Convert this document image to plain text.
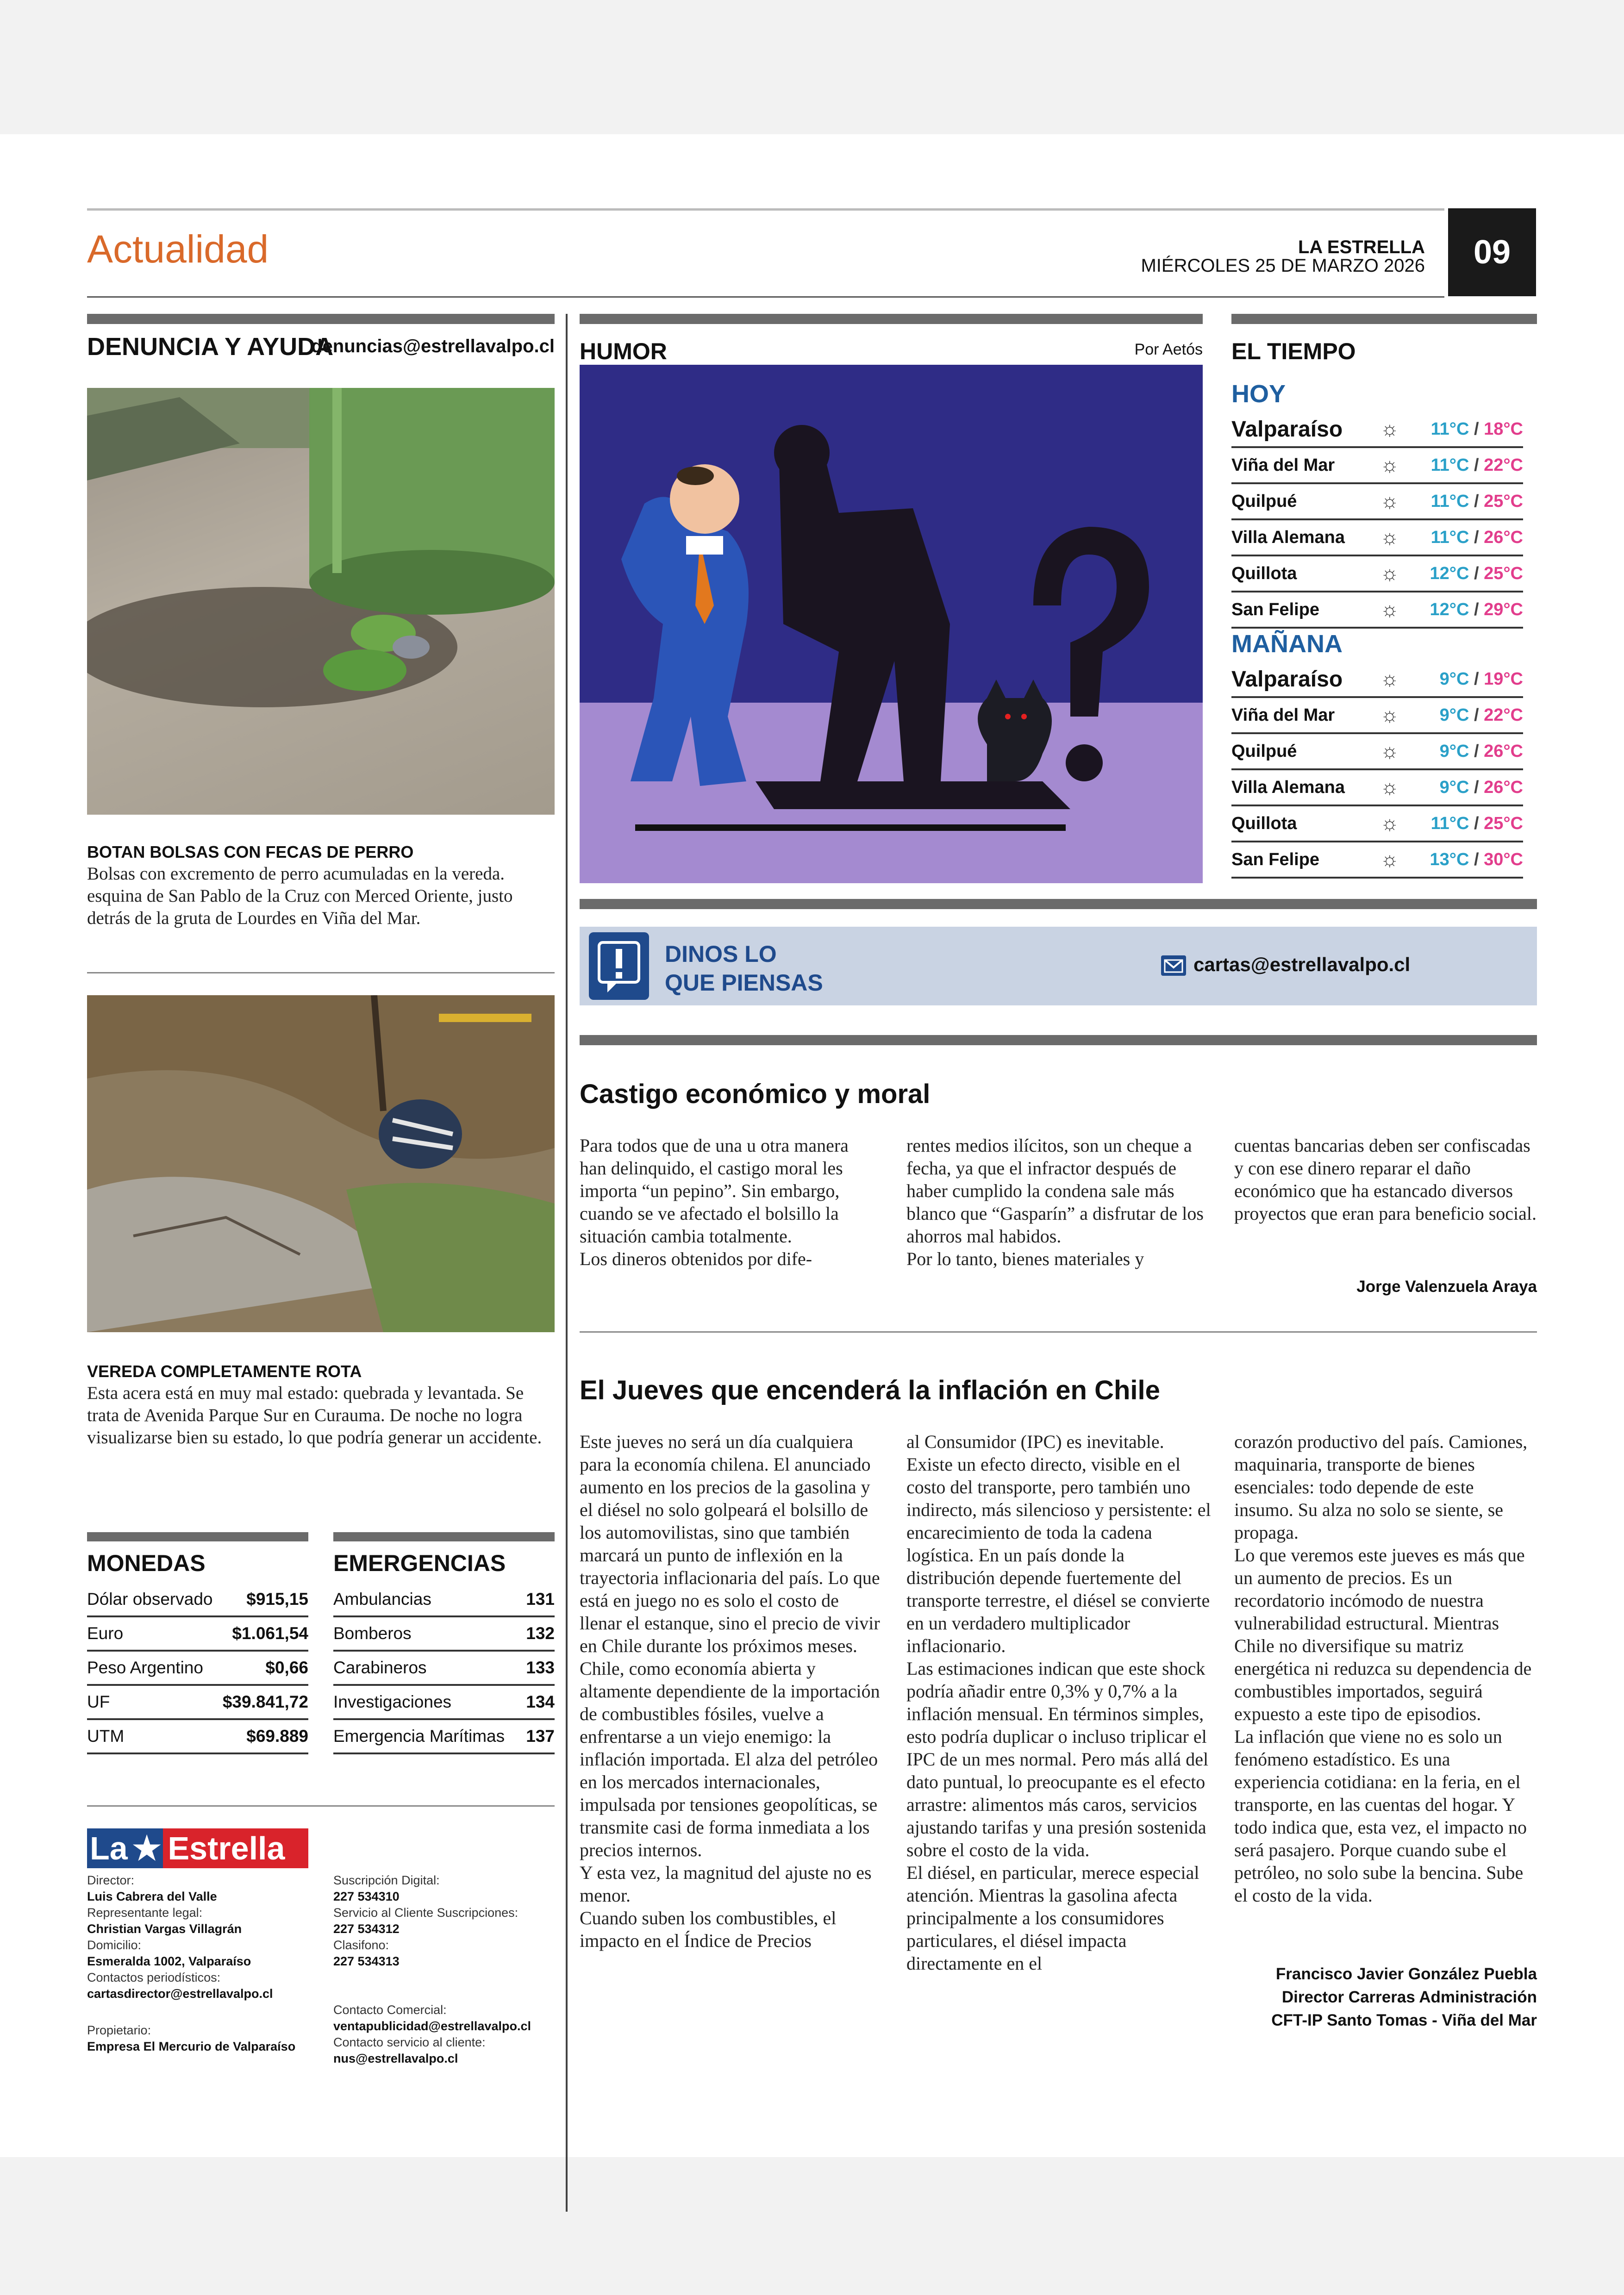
Actualidad	LA ESTRELLA
MIÉRCOLES 25 DE MARZO 2026	09
DENUNCIA Y AYUDA
denuncias@estrellavalpo.cl
BOTAN BOLSAS CON FECAS DE PERRO
Bolsas con excremento de perro acumuladas en la vereda. esquina de San Pablo de la Cruz con Merced Oriente, justo detrás de la gruta de Lourdes en Viña del Mar.
VEREDA COMPLETAMENTE ROTA
Esta acera está en muy mal estado: quebrada y levantada. Se trata de Avenida Parque Sur en Curauma. De noche no logra visualizarse bien su estado, lo que podría generar un accidente.
MONEDAS
Dólar observado	$915,15
Euro	$1.061,54
Peso Argentino	$0,66
UF	$39.841,72
UTM	$69.889
EMERGENCIAS
Ambulancias	131
Bomberos	132
Carabineros	133
Investigaciones	134
Emergencia Marítimas	137
La ★ Estrella
Director:
Luis Cabrera del Valle
Representante legal:
Christian Vargas Villagrán
Domicilio:
Esmeralda 1002, Valparaíso
Contactos periodísticos:
cartasdirector@estrellavalpo.cl
Propietario:
Empresa El Mercurio de Valparaíso
Suscripción Digital:
227 534310
Servicio al Cliente Suscripciones:
227 534312
Clasifono:
227 534313
Contacto Comercial:
ventapublicidad@estrellavalpo.cl
Contacto servicio al cliente:
nus@estrellavalpo.cl
HUMOR	Por Aetós EL TIEMPO
HOY
Valparaíso	☼	11°C / 18°C
Viña del Mar	☼	11°C / 22°C
Quilpué	☼	11°C / 25°C
Villa Alemana	☼	11°C / 26°C
Quillota	☼	12°C / 25°C
San Felipe	☼	12°C / 29°C
MAÑANA
Valparaíso	☼	9°C / 19°C
Viña del Mar	☼	9°C / 22°C
Quilpué	☼	9°C / 26°C
Villa Alemana	☼	9°C / 26°C
Quillota	☼	11°C / 25°C
San Felipe	☼	13°C / 30°C
DINOS LO
QUE PIENSAS
cartas@estrellavalpo.cl
Castigo económico y moral
Para todos que de una u otra manera han delinquido, el castigo moral les importa “un pepino”. Sin embargo, cuando se ve afectado el bolsillo la situación cambia totalmente.
Los dineros obtenidos por dife-
rentes medios ilícitos, son un cheque a fecha, ya que el infractor después de haber cumplido la condena sale más blanco que “Gasparín” a disfrutar de los ahorros mal habidos.
Por lo tanto, bienes materiales y
cuentas bancarias deben ser confiscadas y con ese dinero reparar el daño económico que ha estancado diversos proyectos que eran para beneficio social.
Jorge Valenzuela Araya
El Jueves que encenderá la inflación en Chile
Este jueves no será un día cualquiera para la economía chilena. El anunciado aumento en los precios de la gasolina y el diésel no solo golpeará el bolsillo de los automovilistas, sino que también marcará un punto de inflexión en la trayectoria inflacionaria del país. Lo que está en juego no es solo el costo de llenar el estanque, sino el precio de vivir en Chile durante los próximos meses.
Chile, como economía abierta y altamente dependiente de la importación de combustibles fósiles, vuelve a enfrentarse a un viejo enemigo: la inflación importada. El alza del petróleo en los mercados internacionales, impulsada por tensiones geopolíticas, se transmite casi de forma inmediata a los precios internos.
Y esta vez, la magnitud del ajuste no es menor.
Cuando suben los combustibles, el impacto en el Índice de Precios
al Consumidor (IPC) es inevitable. Existe un efecto directo, visible en el costo del transporte, pero también uno indirecto, más silencioso y persistente: el encarecimiento de toda la cadena logística. En un país donde la distribución depende fuertemente del transporte terrestre, el diésel se convierte en un verdadero multiplicador inflacionario.
Las estimaciones indican que este shock podría añadir entre 0,3% y 0,7% a la inflación mensual. En términos simples, esto podría duplicar o incluso triplicar el IPC de un mes normal. Pero más allá del dato puntual, lo preocupante es el efecto arrastre: alimentos más caros, servicios ajustando tarifas y una presión sostenida sobre el costo de la vida.
El diésel, en particular, merece especial atención. Mientras la gasolina afecta principalmente a los consumidores particulares, el diésel impacta directamente en el
corazón productivo del país. Camiones, maquinaria, transporte de bienes esenciales: todo depende de este insumo. Su alza no solo se siente, se propaga.
Lo que veremos este jueves es más que un aumento de precios. Es un recordatorio incómodo de nuestra vulnerabilidad estructural. Mientras Chile no diversifique su matriz energética ni reduzca su dependencia de combustibles importados, seguirá expuesto a este tipo de episodios.
La inflación que viene no es solo un fenómeno estadístico. Es una experiencia cotidiana: en la feria, en el transporte, en las cuentas del hogar. Y todo indica que, esta vez, el impacto no será pasajero. Porque cuando sube el petróleo, no solo sube la bencina. Sube el costo de la vida.
Francisco Javier González Puebla
Director Carreras Administración
CFT-IP Santo Tomas - Viña del Mar
